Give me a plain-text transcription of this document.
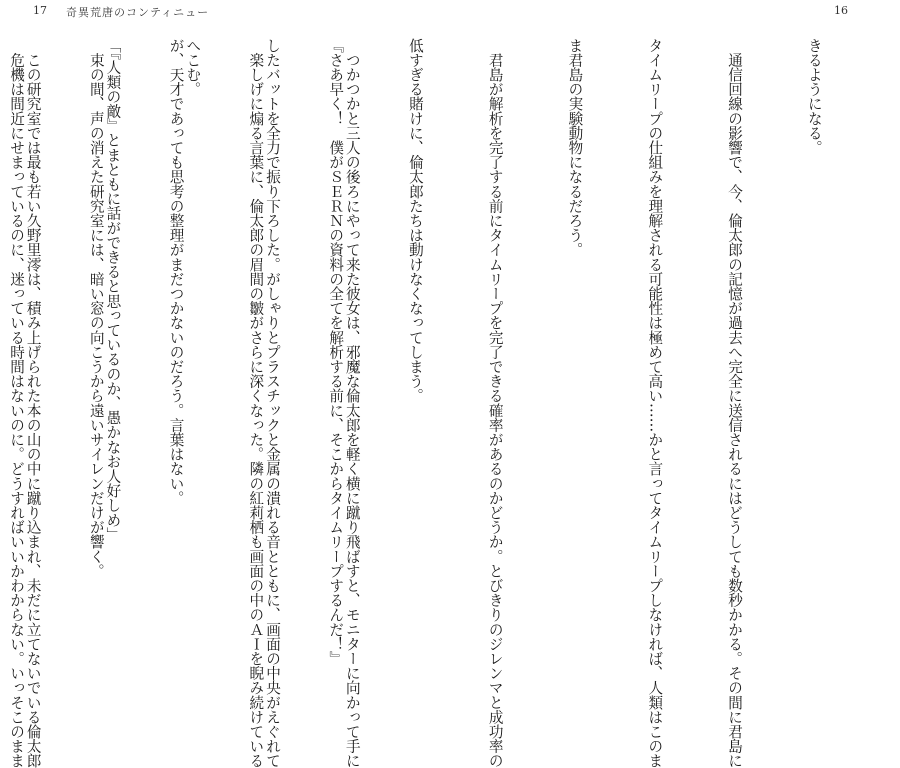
17 奇異荒唐のコンティニュー	16

　つかつかと三人の後ろにやって来た彼女は、邪魔な倫太郎を軽く横に蹴り飛ばすと、モニターに向かって手に

したバットを全力で振り下ろした。がしゃりとプラスチックと金属の潰れる音とともに、画面の中央がえぐれて

へこむ。

「『人類の敵』とまともに話ができると思っているのか、愚かなお人好しめ」

　この研究室では最も若い久野里澪は、積み上げられた本の山の中に蹴り込まれ、未だに立てないでいる倫太郎

	きるようになる。

　通信回線の影響で、今、倫太郎の記憶が過去へ完全に送信されるにはどうしても数秒かかる。その間に君島に

タイムリープの仕組みを理解される可能性は極めて高い……かと言ってタイムリープしなければ、人類はこのま

ま君島の実験動物になるだろう。

　君島が解析を完了する前にタイムリープを完了できる確率があるのかどうか。とびきりのジレンマと成功率の

低すぎる賭けに、倫太郎たちは動けなくなってしまう。

『さあ早く！　僕がＳＥＲＮの資料の全てを解析する前に、そこからタイムリープするんだ！』

　楽しげに煽る言葉に、倫太郎の眉間の皺がさらに深くなった。隣の紅莉栖も画面の中のＡＩを睨み続けている

が、天才であっても思考の整理がまだつかないのだろう。言葉はない。

　束の間、声の消えた研究室には、暗い窓の向こうから遠いサイレンだけが響く。

　危機は間近にせまっているのに、迷っている時間はないのに。どうすればいいかわからない。いっそこのまま
